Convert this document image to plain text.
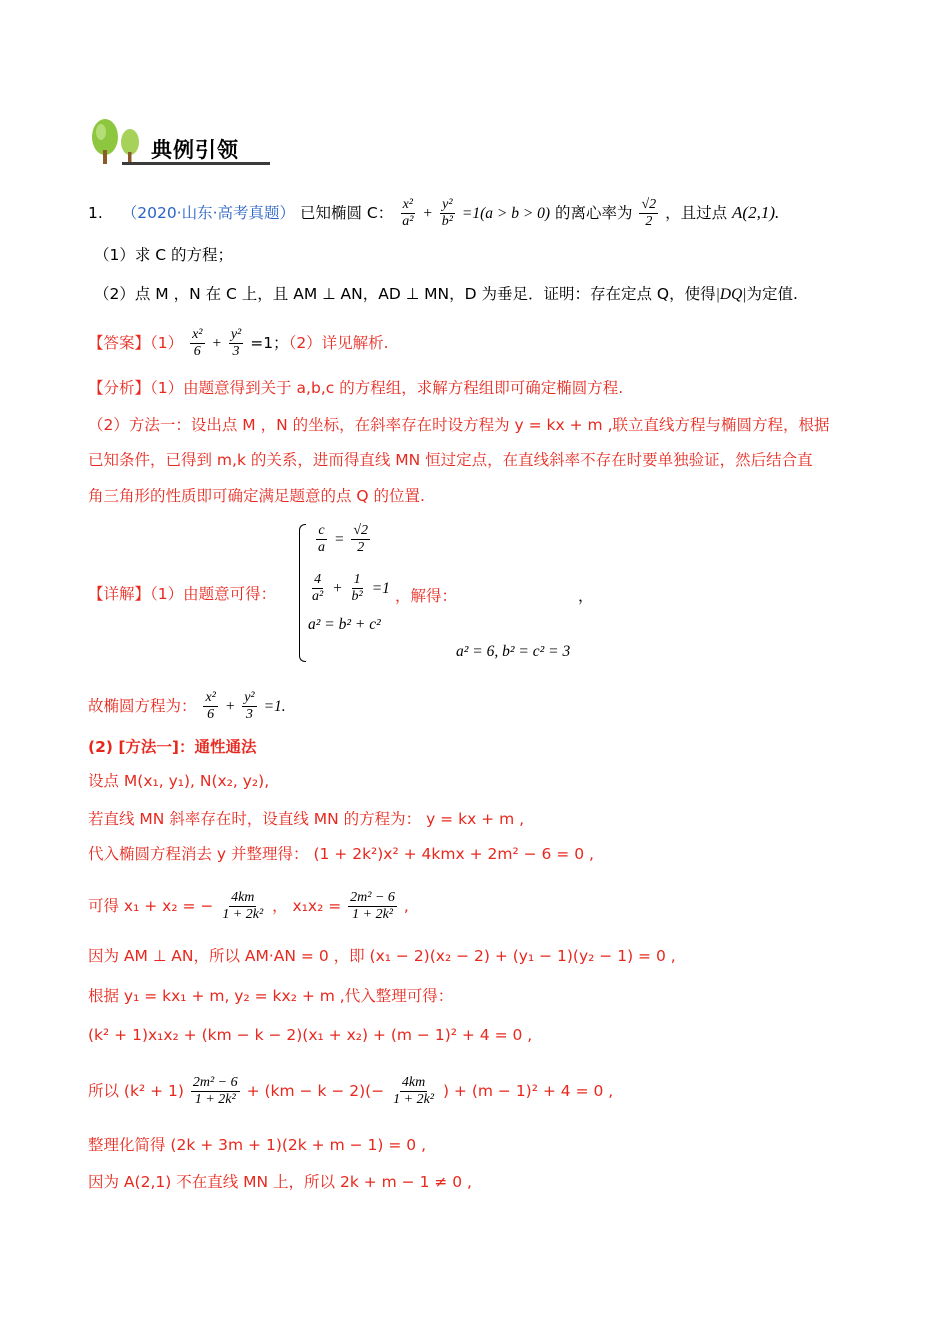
典例引领
1. （2020·山东·高考真题） 已知椭圆 C： $\frac{\text{x²}}{\text{a²}} + \frac{\text{y²}}{\text{b²}} =1(a > b > 0)$ 的离心率为 $\frac{√2}{2}$ ，且过点 A(2,1).
（1）求 C 的方程；
（2）点 M ，N 在 C 上，且 AM ⊥ AN，AD ⊥ MN，D 为垂足．证明：存在定点 Q，使得|DQ|为定值.
【答案】$(1) \frac{\text{x²}}{6} + \frac{\text{y²}}{3} =1$；（2）详见解析.
【分析】（1）由题意得到关于 a,b,c 的方程组，求解方程组即可确定椭圆方程.
（2）方法一：设出点 M ，N 的坐标，在斜率存在时设方程为 y = kx + m ,联立直线方程与椭圆方程，根据
已知条件，已得到 m,k 的关系，进而得直线 MN 恒过定点，在直线斜率不存在时要单独验证，然后结合直
角三角形的性质即可确定满足题意的点 Q 的位置.
【详解】（1）由题意可得：
$\frac{c}{a} = \frac{√2}{2}$
$\frac{4}{\text{a²}} + \frac{1}{\text{b²}} =1$
a² = b² + c²
，解得：	，
a² = 6, b² = c² = 3
故椭圆方程为： $\frac{\text{x²}}{6} + \frac{\text{y²}}{3} =1$.
(2) [方法一]：通性通法
设点 M(x₁, y₁), N(x₂, y₂),
若直线 MN 斜率存在时，设直线 MN 的方程为： y = kx + m ,
代入椭圆方程消去 y 并整理得： (1 + 2k²)x² + 4kmx + 2m² − 6 = 0 ,
可得 x₁ + x₂ = − $\frac{4km}{\text{1 + 2k²}}$ ， $x_1x_2 = \frac{\text{2m² − 6}}{\text{1 + 2k²}}$ ,
因为 AM ⊥ AN，所以 AM·AN = 0 ，即 (x₁ − 2)(x₂ − 2) + (y₁ − 1)(y₂ − 1) = 0 ,
根据 y₁ = kx₁ + m, y₂ = kx₂ + m ,代入整理可得：
(k² + 1)x₁x₂ + (km − k − 2)(x₁ + x₂) + (m − 1)² + 4 = 0 ,
所以 $(k^2 + 1) \frac{\text{2m² − 6}}{\text{1 + 2k²}} + (km - k - 2)(- \frac{4km}{\text{1 + 2k²}}$ ) + (m − 1)² + 4 = 0 ,
整理化简得 (2k + 3m + 1)(2k + m − 1) = 0 ,
因为 A(2,1) 不在直线 MN 上，所以 2k + m − 1 ≠ 0 ,
